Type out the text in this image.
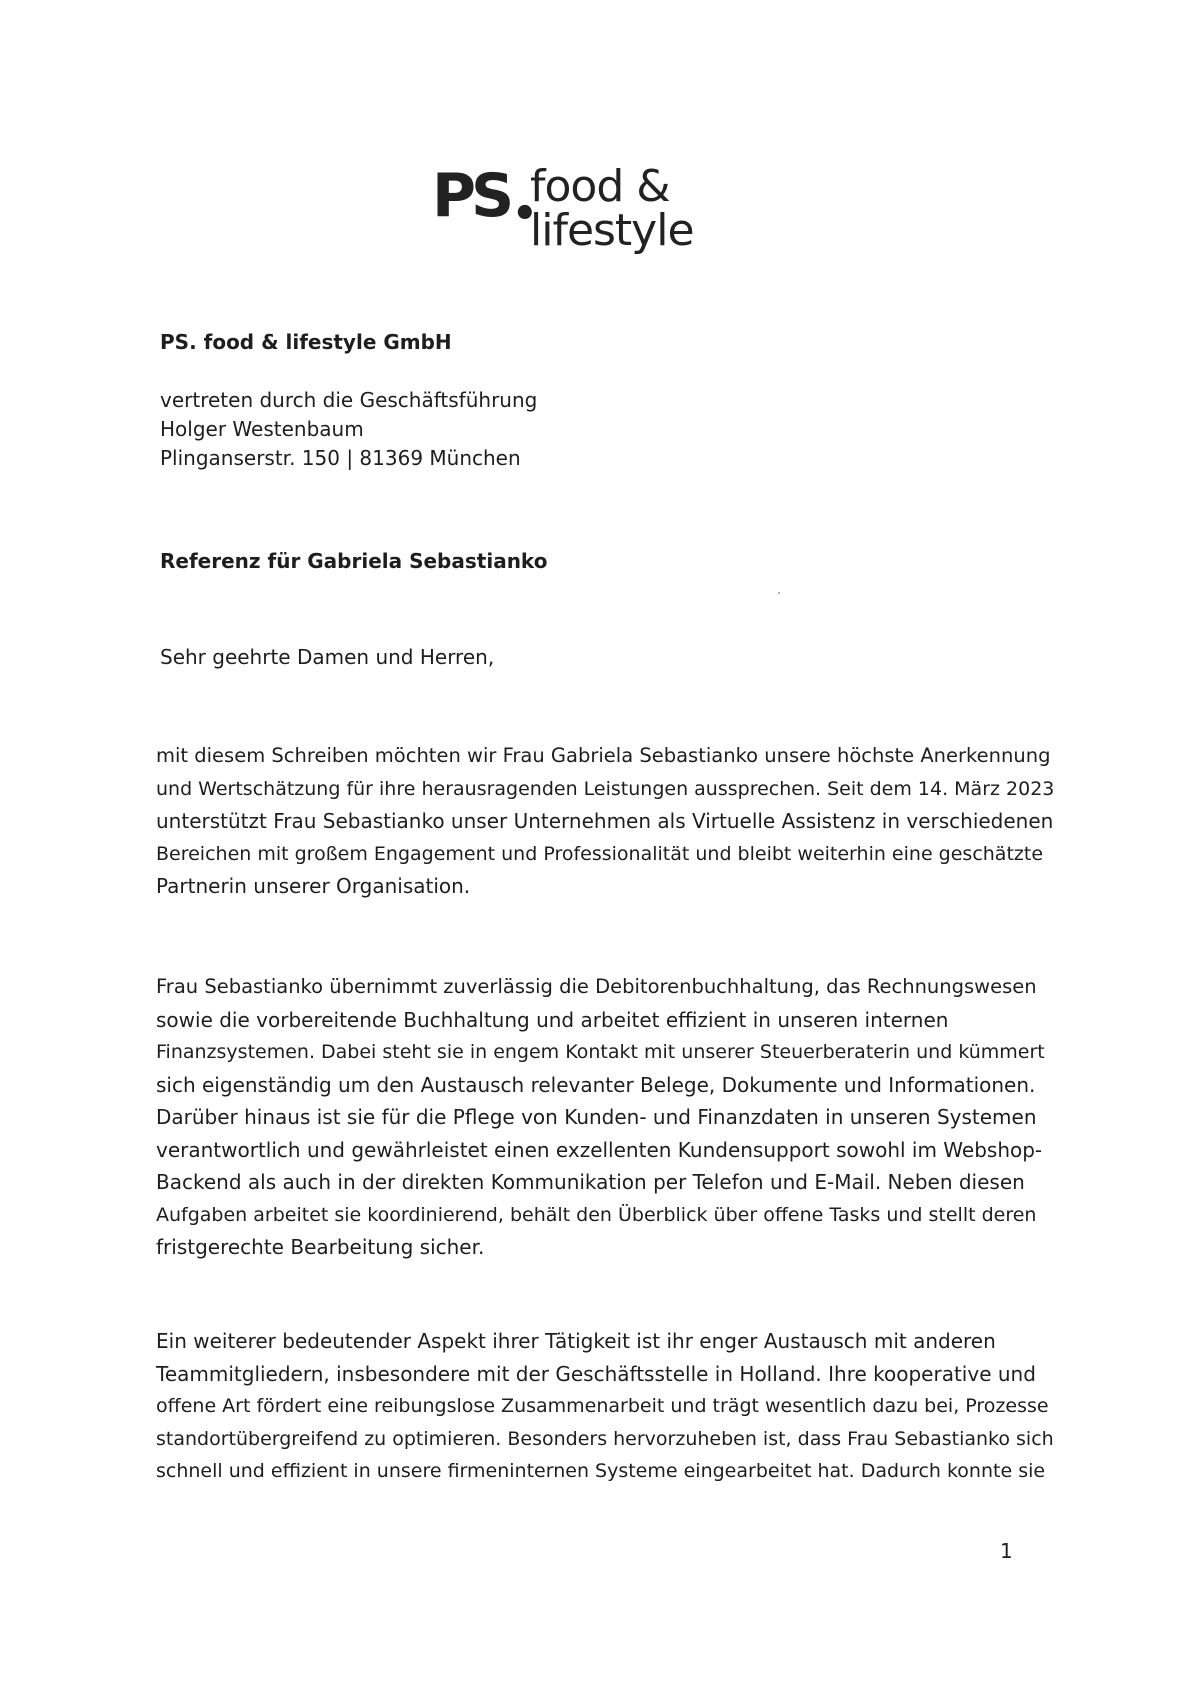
PS •
food &
lifestyle
PS. food & lifestyle GmbH
vertreten durch die Geschäftsführung
Holger Westenbaum
Plinganserstr. 150 | 81369 München
Referenz für Gabriela Sebastianko
Sehr geehrte Damen und Herren,

mit diesem Schreiben möchten wir Frau Gabriela Sebastianko unsere höchste Anerkennung

und Wertschätzung für ihre herausragenden Leistungen aussprechen. Seit dem 14. März 2023

unterstützt Frau Sebastianko unser Unternehmen als Virtuelle Assistenz in verschiedenen

Bereichen mit großem Engagement und Professionalität und bleibt weiterhin eine geschätzte

Partnerin unserer Organisation.

Frau Sebastianko übernimmt zuverlässig die Debitorenbuchhaltung, das Rechnungswesen

sowie die vorbereitende Buchhaltung und arbeitet effizient in unseren internen

Finanzsystemen. Dabei steht sie in engem Kontakt mit unserer Steuerberaterin und kümmert

sich eigenständig um den Austausch relevanter Belege, Dokumente und Informationen.

Darüber hinaus ist sie für die Pflege von Kunden- und Finanzdaten in unseren Systemen

verantwortlich und gewährleistet einen exzellenten Kundensupport sowohl im Webshop-

Backend als auch in der direkten Kommunikation per Telefon und E-Mail. Neben diesen

Aufgaben arbeitet sie koordinierend, behält den Überblick über offene Tasks und stellt deren

fristgerechte Bearbeitung sicher.

Ein weiterer bedeutender Aspekt ihrer Tätigkeit ist ihr enger Austausch mit anderen

Teammitgliedern, insbesondere mit der Geschäftsstelle in Holland. Ihre kooperative und

offene Art fördert eine reibungslose Zusammenarbeit und trägt wesentlich dazu bei, Prozesse

standortübergreifend zu optimieren. Besonders hervorzuheben ist, dass Frau Sebastianko sich

schnell und effizient in unsere firmeninternen Systeme eingearbeitet hat. Dadurch konnte sie

1
